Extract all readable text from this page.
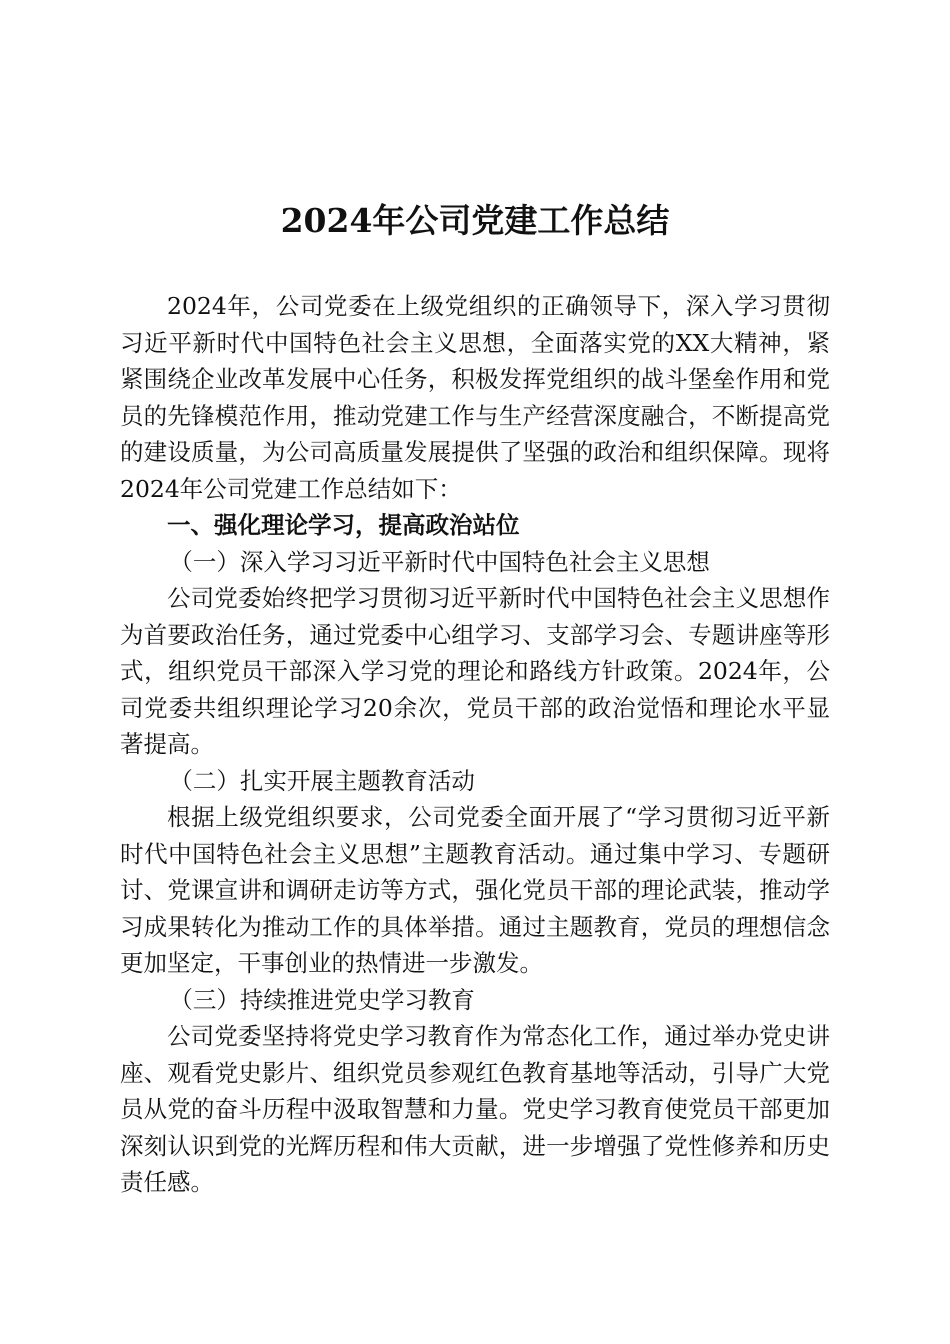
2024年公司党建工作总结

2024年，公司党委在上级党组织的正确领导下，深入学习贯彻习近平新时代中国特色社会主义思想，全面落实党的XX大精神，紧紧围绕企业改革发展中心任务，积极发挥党组织的战斗堡垒作用和党员的先锋模范作用，推动党建工作与生产经营深度融合，不断提高党的建设质量，为公司高质量发展提供了坚强的政治和组织保障。现将2024年公司党建工作总结如下：

一、强化理论学习，提高政治站位

（一）深入学习习近平新时代中国特色社会主义思想

公司党委始终把学习贯彻习近平新时代中国特色社会主义思想作为首要政治任务，通过党委中心组学习、支部学习会、专题讲座等形式，组织党员干部深入学习党的理论和路线方针政策。2024年，公司党委共组织理论学习20余次，党员干部的政治觉悟和理论水平显著提高。

（二）扎实开展主题教育活动

根据上级党组织要求，公司党委全面开展了“学习贯彻习近平新时代中国特色社会主义思想”主题教育活动。通过集中学习、专题研讨、党课宣讲和调研走访等方式，强化党员干部的理论武装，推动学习成果转化为推动工作的具体举措。通过主题教育，党员的理想信念更加坚定，干事创业的热情进一步激发。

（三）持续推进党史学习教育

公司党委坚持将党史学习教育作为常态化工作，通过举办党史讲座、观看党史影片、组织党员参观红色教育基地等活动，引导广大党员从党的奋斗历程中汲取智慧和力量。党史学习教育使党员干部更加深刻认识到党的光辉历程和伟大贡献，进一步增强了党性修养和历史责任感。
